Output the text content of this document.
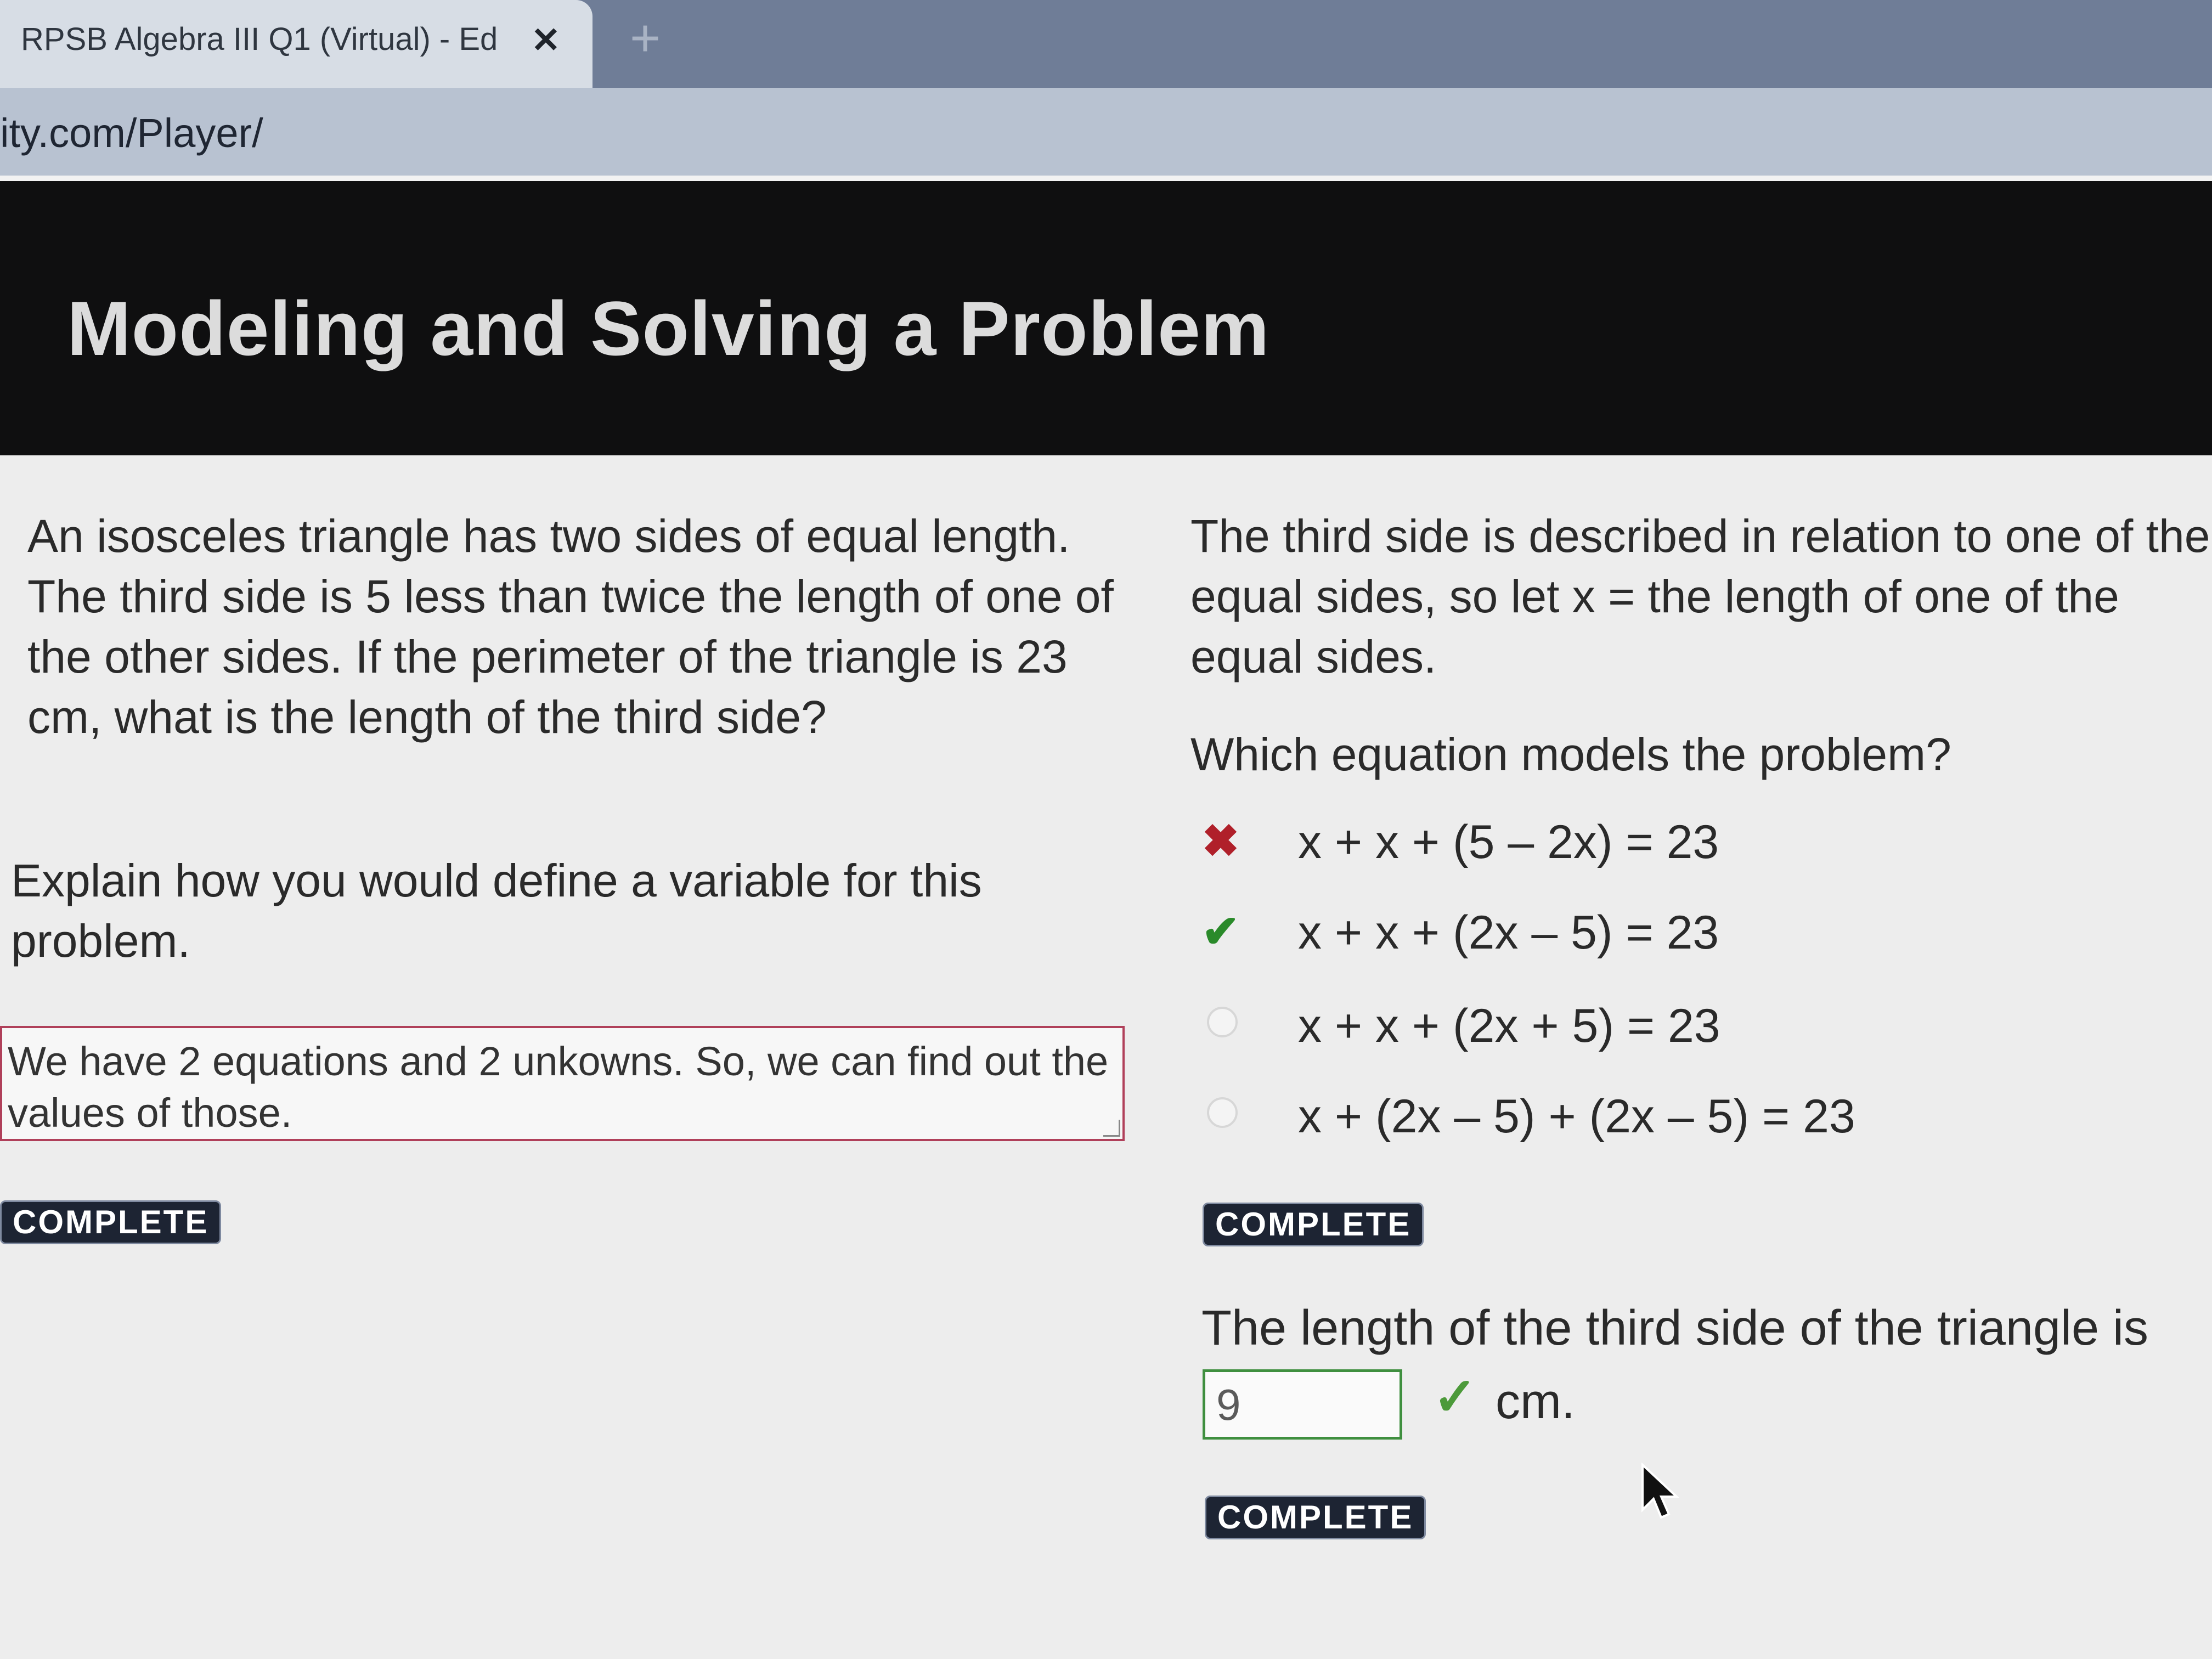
RPSB Algebra III Q1 (Virtual) - Ed ✕ +
ity.com/Player/
Modeling and Solving a Problem
An isosceles triangle has two sides of equal length. The third side is 5 less than twice the length of one of the other sides. If the perimeter of the triangle is 23 cm, what is the length of the third side?
Explain how you would define a variable for this problem.
We have 2 equations and 2 unkowns. So, we can find out the values of those.
COMPLETE
The third side is described in relation to one of the equal sides, so let x = the length of one of the equal sides.
Which equation models the problem?
✖ x + x + (5 – 2x) = 23
✔ x + x + (2x – 5) = 23
x + x + (2x + 5) = 23
x + (2x – 5) + (2x – 5) = 23
COMPLETE
The length of the third side of the triangle is
9	✓ cm.
COMPLETE
